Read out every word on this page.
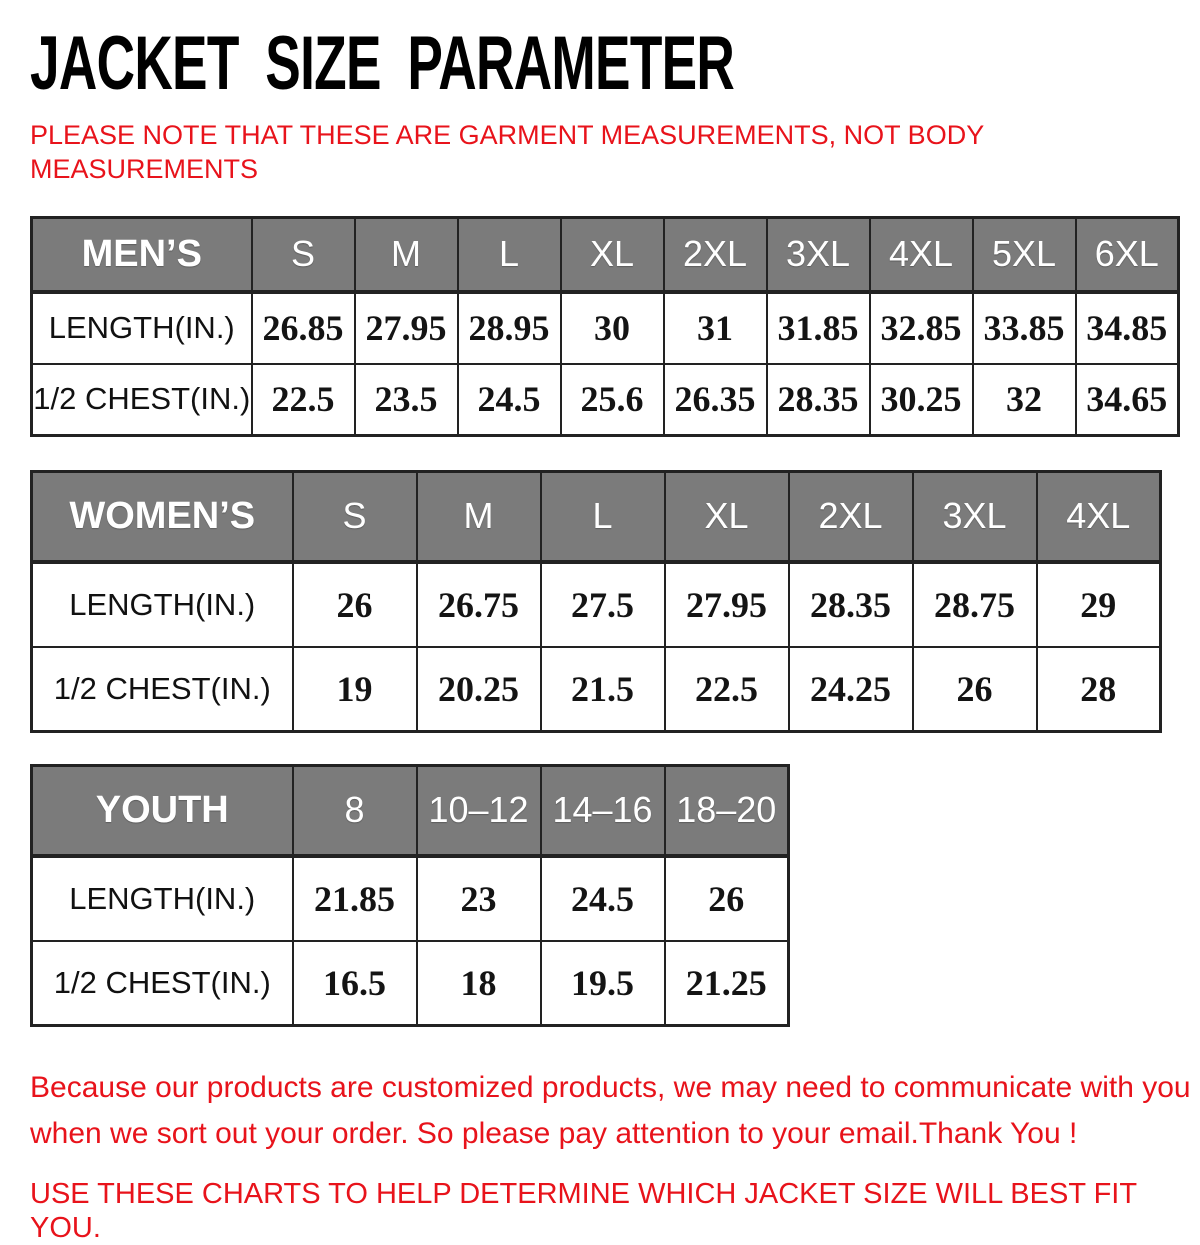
JACKET SIZE PARAMETER
PLEASE NOTE THAT THESE ARE GARMENT MEASUREMENTS, NOT BODY
MEASUREMENTS
MEN’S	S	M	L	XL	2XL	3XL	4XL	5XL	6XL
LENGTH(IN.)	26.85	27.95	28.95	30	31	31.85	32.85	33.85	34.85
1/2 CHEST(IN.)	22.5	23.5	24.5	25.6	26.35	28.35	30.25	32	34.65
WOMEN’S	S	M	L	XL	2XL	3XL	4XL
LENGTH(IN.)	26	26.75	27.5	27.95	28.35	28.75	29
1/2 CHEST(IN.)	19	20.25	21.5	22.5	24.25	26	28
YOUTH	8	10–12	14–16	18–20
LENGTH(IN.)	21.85	23	24.5	26
1/2 CHEST(IN.)	16.5	18	19.5	21.25
Because our products are customized products, we may need to communicate with you
when we sort out your order. So please pay attention to your email.Thank You !
USE THESE CHARTS TO HELP DETERMINE WHICH JACKET SIZE WILL BEST FIT YOU.
